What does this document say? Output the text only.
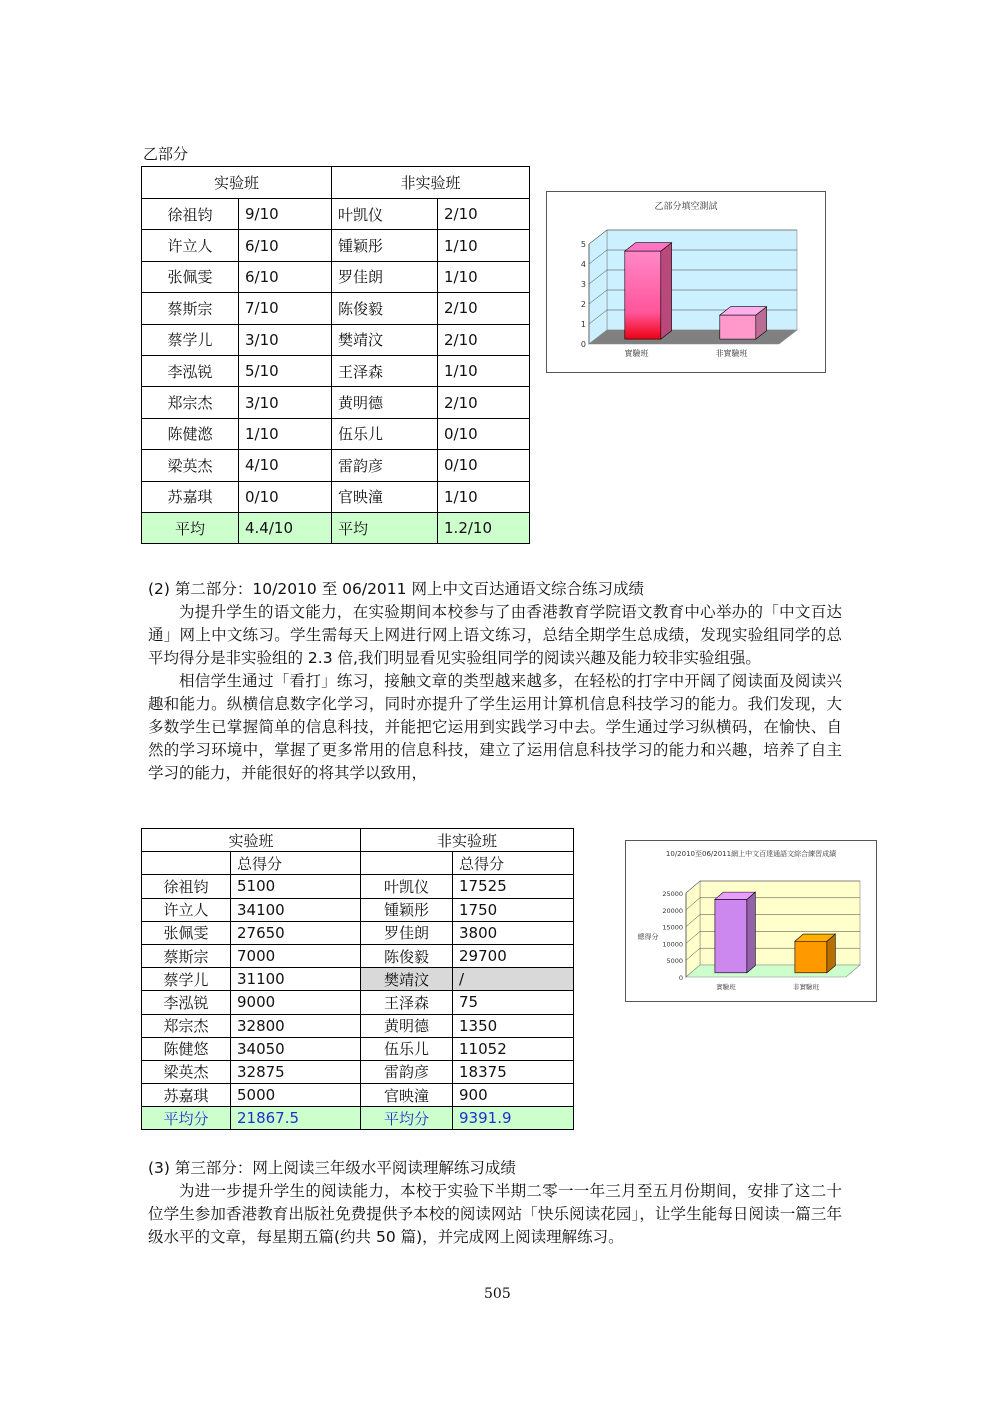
乙部分
实验班		非实验班	
徐祖钧	9/10	叶凯仪	2/10
许立人	6/10	锺颖彤	1/10
张佩雯	6/10	罗佳朗	1/10
蔡斯宗	7/10	陈俊毅	2/10
蔡学儿	3/10	樊靖汶	2/10
李泓锐	5/10	王泽森	1/10
郑宗杰	3/10	黄明德	2/10
陈健滺	1/10	伍乐儿	0/10
梁英杰	4/10	雷韵彦	0/10
苏嘉琪	0/10	官映潼	1/10
平均	4.4/10	平均	1.2/10
乙部分填空測試
0
1
2
3
4
5
實驗班	非實驗班

(2) 第二部分：10/2010 至 06/2011 网上中文百达通语文综合练习成绩

为提升学生的语文能力，在实验期间本校参与了由香港教育学院语文教育中心举办的「中文百达通」网上中文练习。学生需每天上网进行网上语文练习，总结全期学生总成绩，发现实验组同学的总平均得分是非实验组的 2.3 倍,我们明显看见实验组同学的阅读兴趣及能力较非实验组强。

相信学生通过「看打」练习，接触文章的类型越来越多，在轻松的打字中开阔了阅读面及阅读兴趣和能力。纵横信息数字化学习，同时亦提升了学生运用计算机信息科技学习的能力。我们发现，大多数学生已掌握简单的信息科技，并能把它运用到实践学习中去。学生通过学习纵横码，在愉快、自然的学习环境中，掌握了更多常用的信息科技，建立了运用信息科技学习的能力和兴趣，培养了自主学习的能力，并能很好的将其学以致用，

实验班		非实验班	
	总得分		总得分
徐祖钧	5100	叶凯仪	17525
许立人	34100	锺颖彤	1750
张佩雯	27650	罗佳朗	3800
蔡斯宗	7000	陈俊毅	29700
蔡学儿	31100	樊靖汶	/
李泓锐	9000	王泽森	75
郑宗杰	32800	黄明德	1350
陈健悠	34050	伍乐儿	11052
梁英杰	32875	雷韵彦	18375
苏嘉琪	5000	官映潼	900
平均分	21867.5	平均分	9391.9
10/2010至06/2011網上中文百達通語文綜合練習成績
總得分
0
5000
10000
15000
20000
25000
實驗班	非實驗班

(3) 第三部分：网上阅读三年级水平阅读理解练习成绩

为进一步提升学生的阅读能力，本校于实验下半期二零一一年三月至五月份期间，安排了这二十位学生参加香港教育出版社免费提供予本校的阅读网站「快乐阅读花园」，让学生能每日阅读一篇三年级水平的文章，每星期五篇(约共 50 篇)，并完成网上阅读理解练习。

505
